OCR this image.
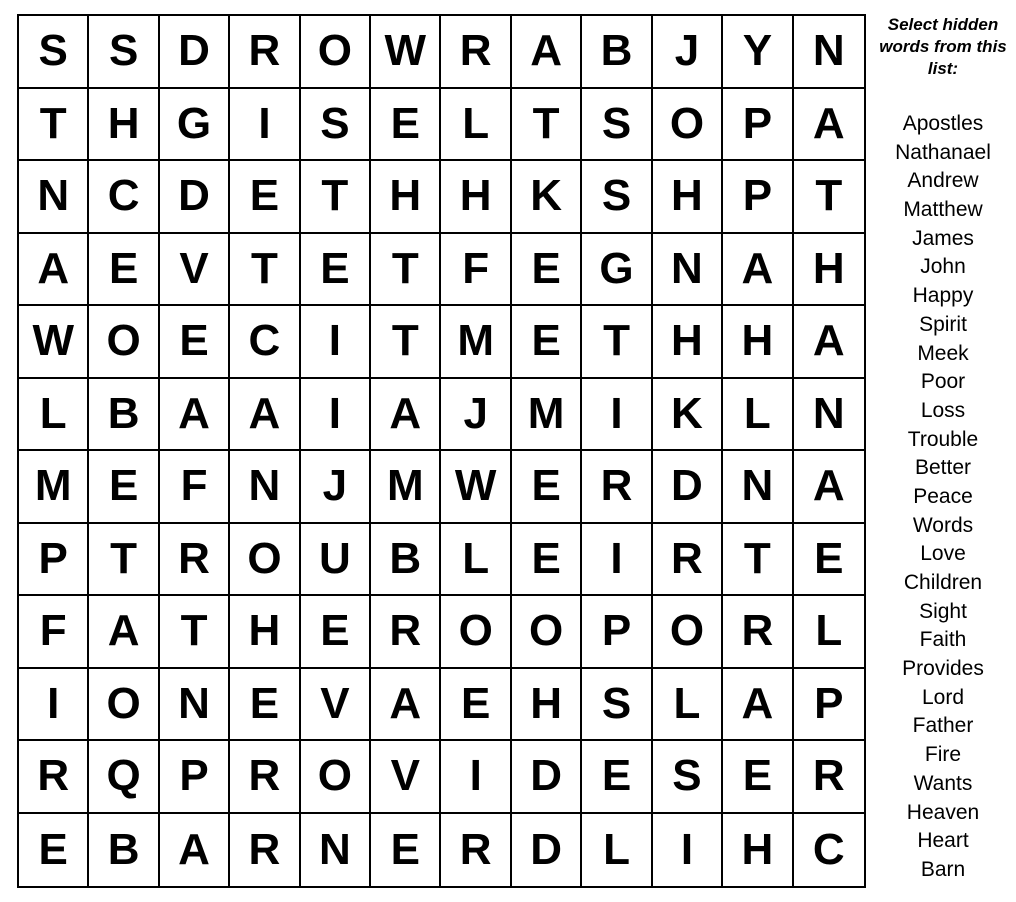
S S D R O W R A B J Y N
T H G	I	S E L T S O P A
N C D E T H H K S H P T
A E V T E T F E G N A H
W O E C	I	T M E T H H A
L B A A	I	A J M	I	K L N
M E F N J M W E R D N A
P T R O U B L E	I	R T E
F A T H E R O O P O R L
I	O N E V A E H S L A P
R Q P R O V	I	D E S E R
E B A R N E R D L	I	H C

Select hidden words from this list:

Apostles
Nathanael
Andrew
Matthew
James
John
Happy
Spirit
Meek
Poor
Loss
Trouble
Better
Peace
Words
Love
Children
Sight
Faith
Provides
Lord
Father
Fire
Wants
Heaven
Heart
Barn
